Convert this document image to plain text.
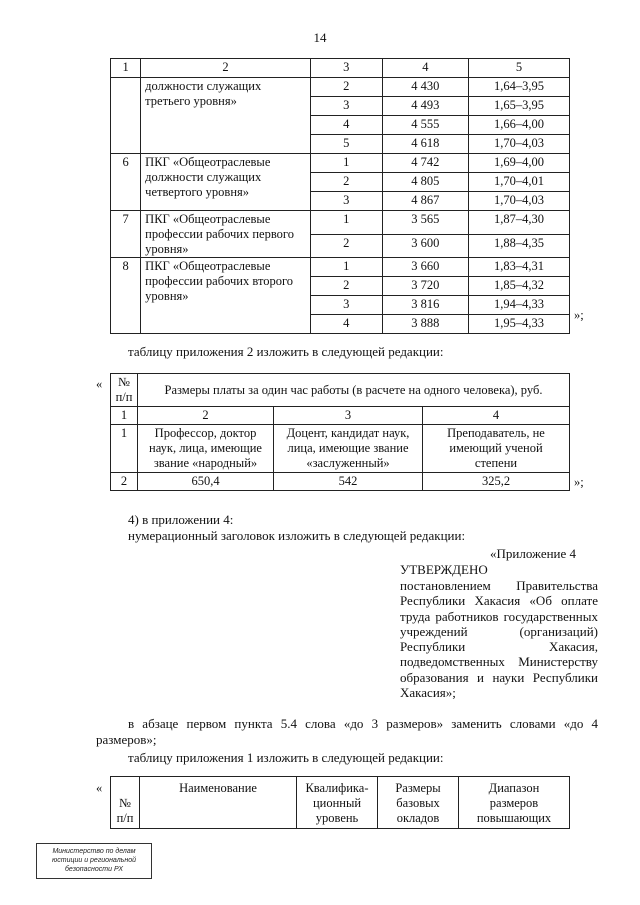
14
1	2	3	4	5
	должности служащих третьего уровня»	2	4 430	1,64–3,95
		3	4 493	1,65–3,95
		4	4 555	1,66–4,00
		5	4 618	1,70–4,03
6	ПКГ «Общеотраслевые должности служащих четвертого уровня»	1	4 742	1,69–4,00
		2	4 805	1,70–4,01
		3	4 867	1,70–4,03
7	ПКГ «Общеотраслевые профессии рабочих первого уровня»	1	3 565	1,87–4,30
		2	3 600	1,88–4,35
8	ПКГ «Общеотраслевые профессии рабочих второго уровня»	1	3 660	1,83–4,31
		2	3 720	1,85–4,32
		3	3 816	1,94–4,33
		4	3 888	1,95–4,33
»;
таблицу приложения 2 изложить в следующей редакции:
« № п/п	Размеры платы за один час работы (в расчете на одного человека), руб.		
1	2	3	4
1	Профессор, доктор наук, лица, имеющие звание «народный»	Доцент, кандидат наук, лица, имеющие звание «заслуженный»	Преподаватель, не имеющий ученой степени
2	650,4	542	325,2	»;
4) в приложении 4:
нумерационный заголовок изложить в следующей редакции:
«Приложение 4
УТВЕРЖДЕНО
постановлением Правительства Республики Хакасия «Об оплате труда работников государственных учреждений (организаций) Республики Хакасия, подведомственных Министерству образования и науки Республики Хакасия»;
в абзаце первом пункта 5.4 слова «до 3 размеров» заменить словами «до 4 размеров»;
таблицу приложения 1 изложить в следующей редакции:
«
№ п/п	Наименование	Квалифика-ционный уровень	Размеры базовых окладов	Диапазон размеров повышающих
Министерство по делам юстиции и региональной безопасности РХ
